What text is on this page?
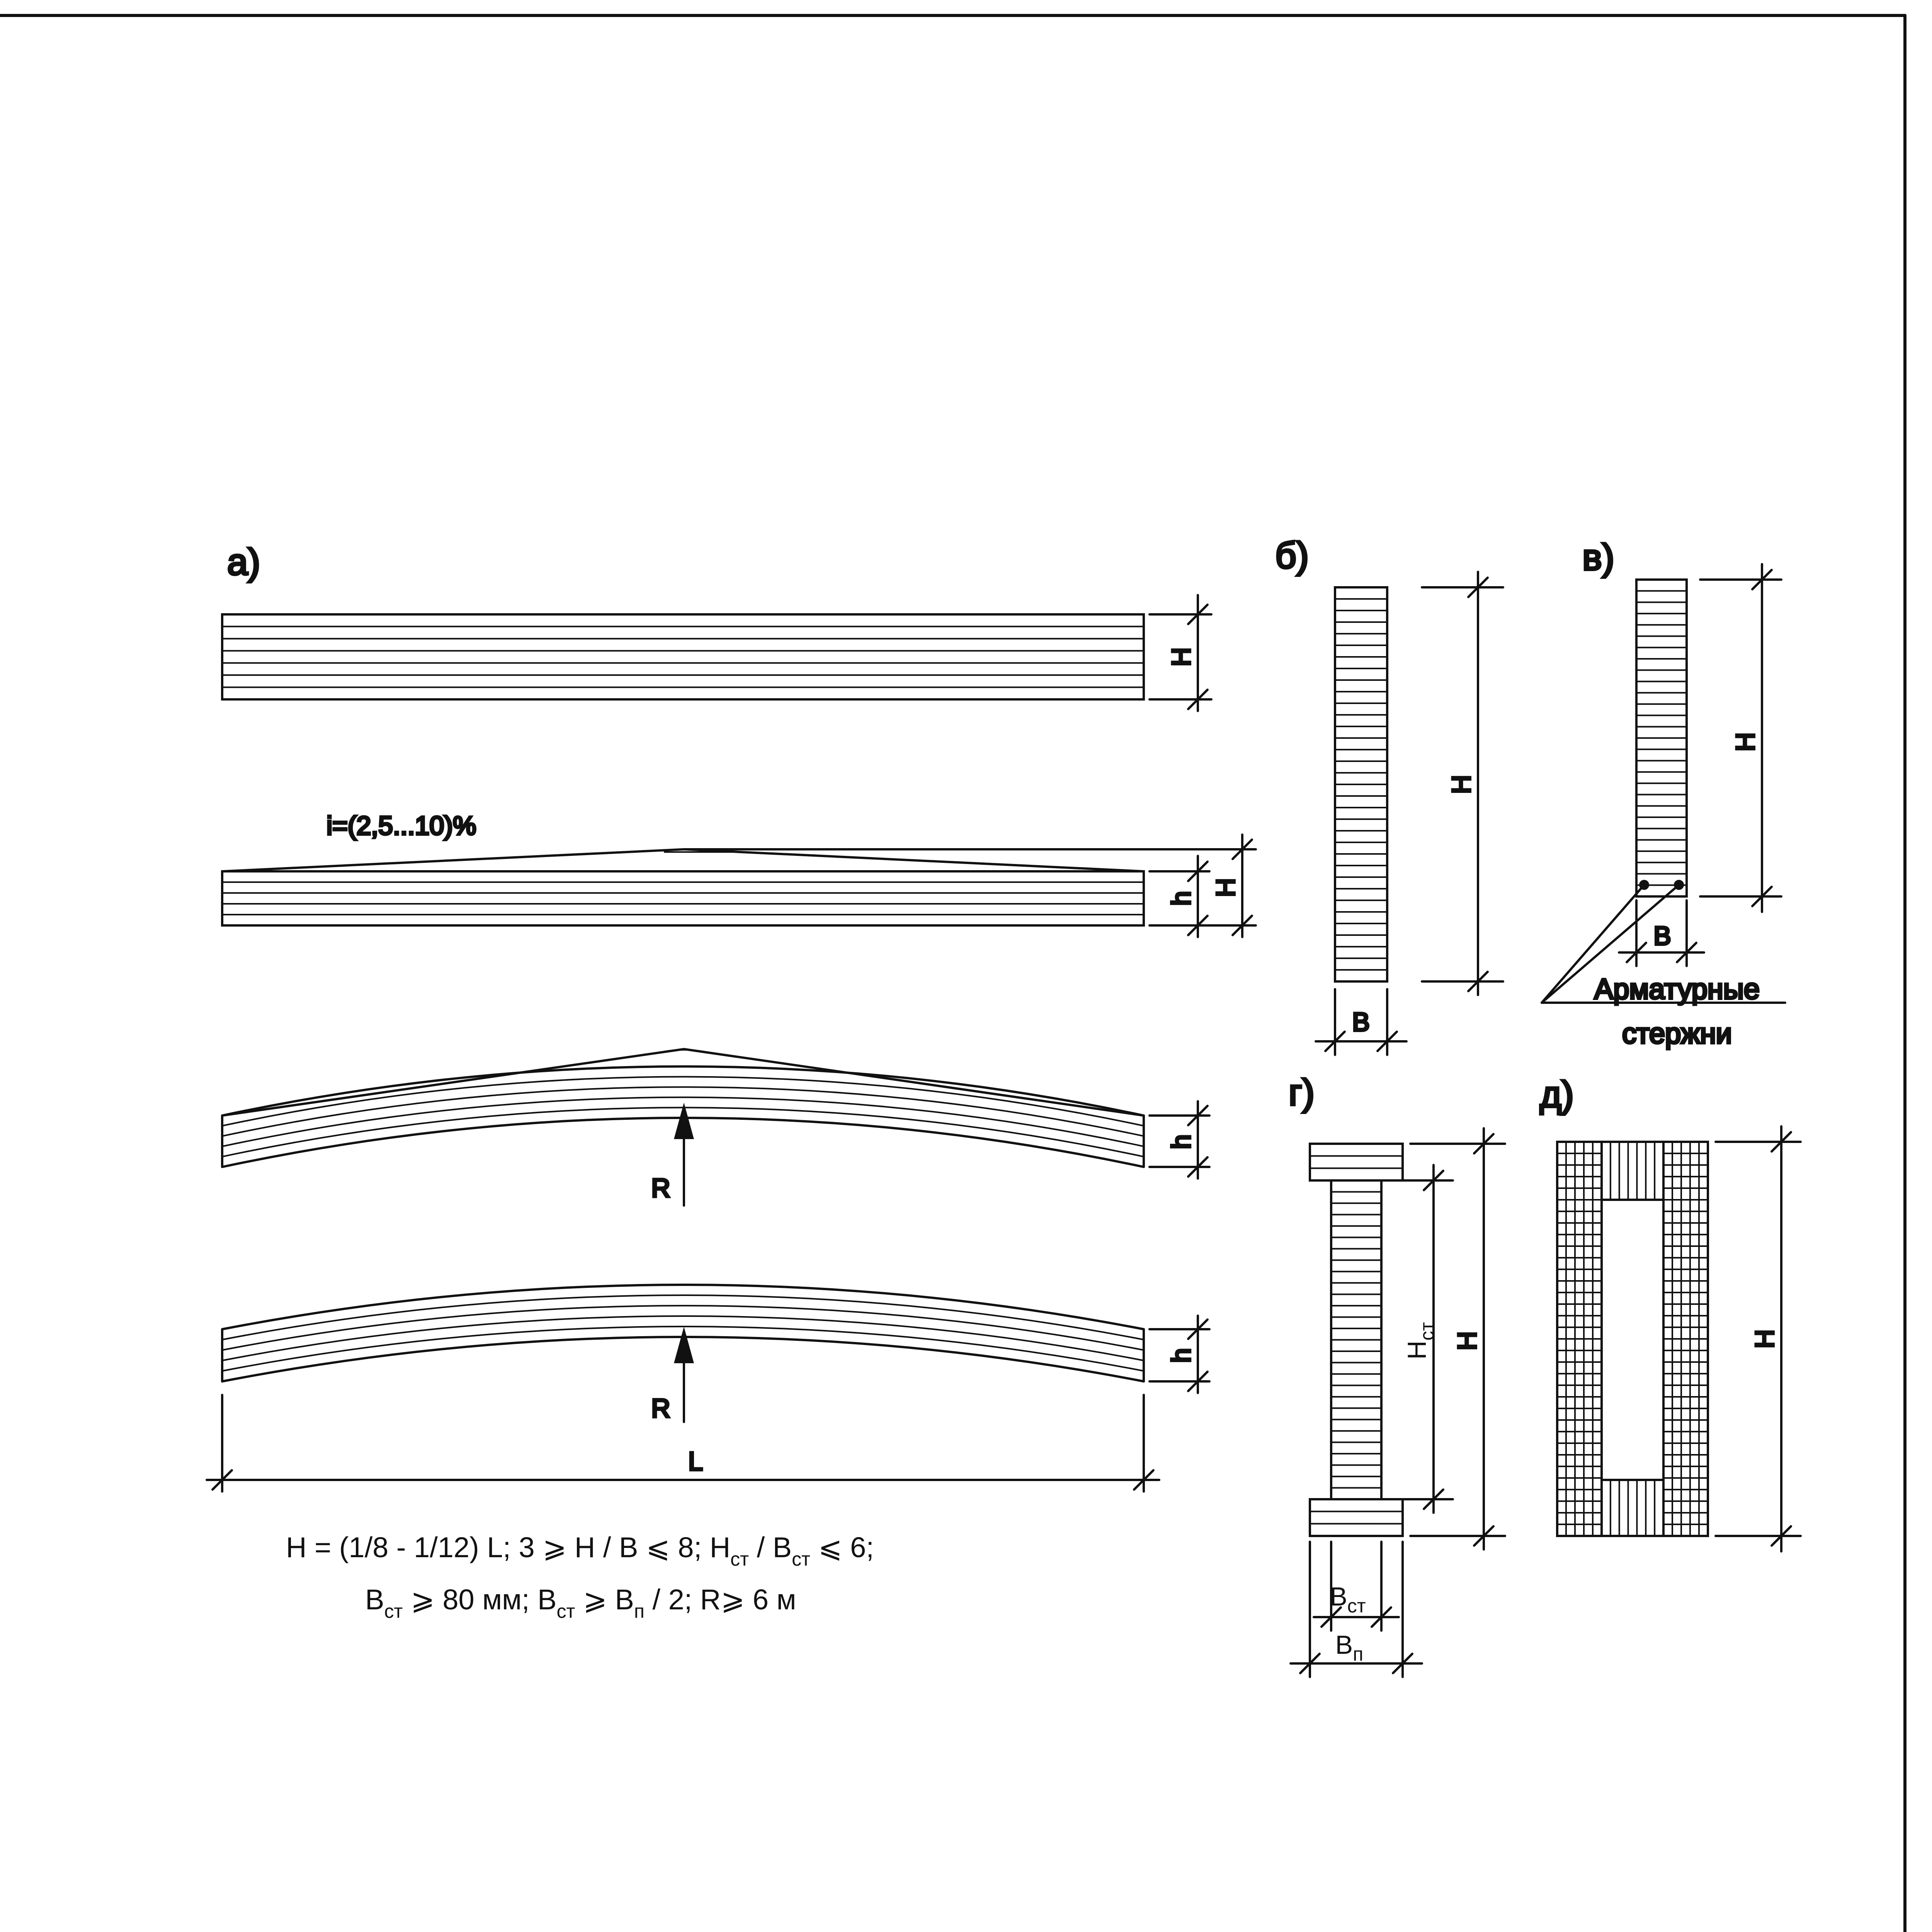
а)
H
i=(2,5...10)%
h
H
R
h
R
h
L
H = (1/8 - 1/12) L; 3 ⩾ H / B ⩽ 8; $H_{ст} / B_{ст}$ ⩽ 6;
$B_{ст}$ ⩾ 80 мм; $B_{ст}$ ⩾ $B_п / 2$; R⩾ 6 м
б)
H
B
в)
H
B
Арматурные
стержни
г)
$H_{ст}$ H
$B_{ст}$
$B_п$
д)
H
